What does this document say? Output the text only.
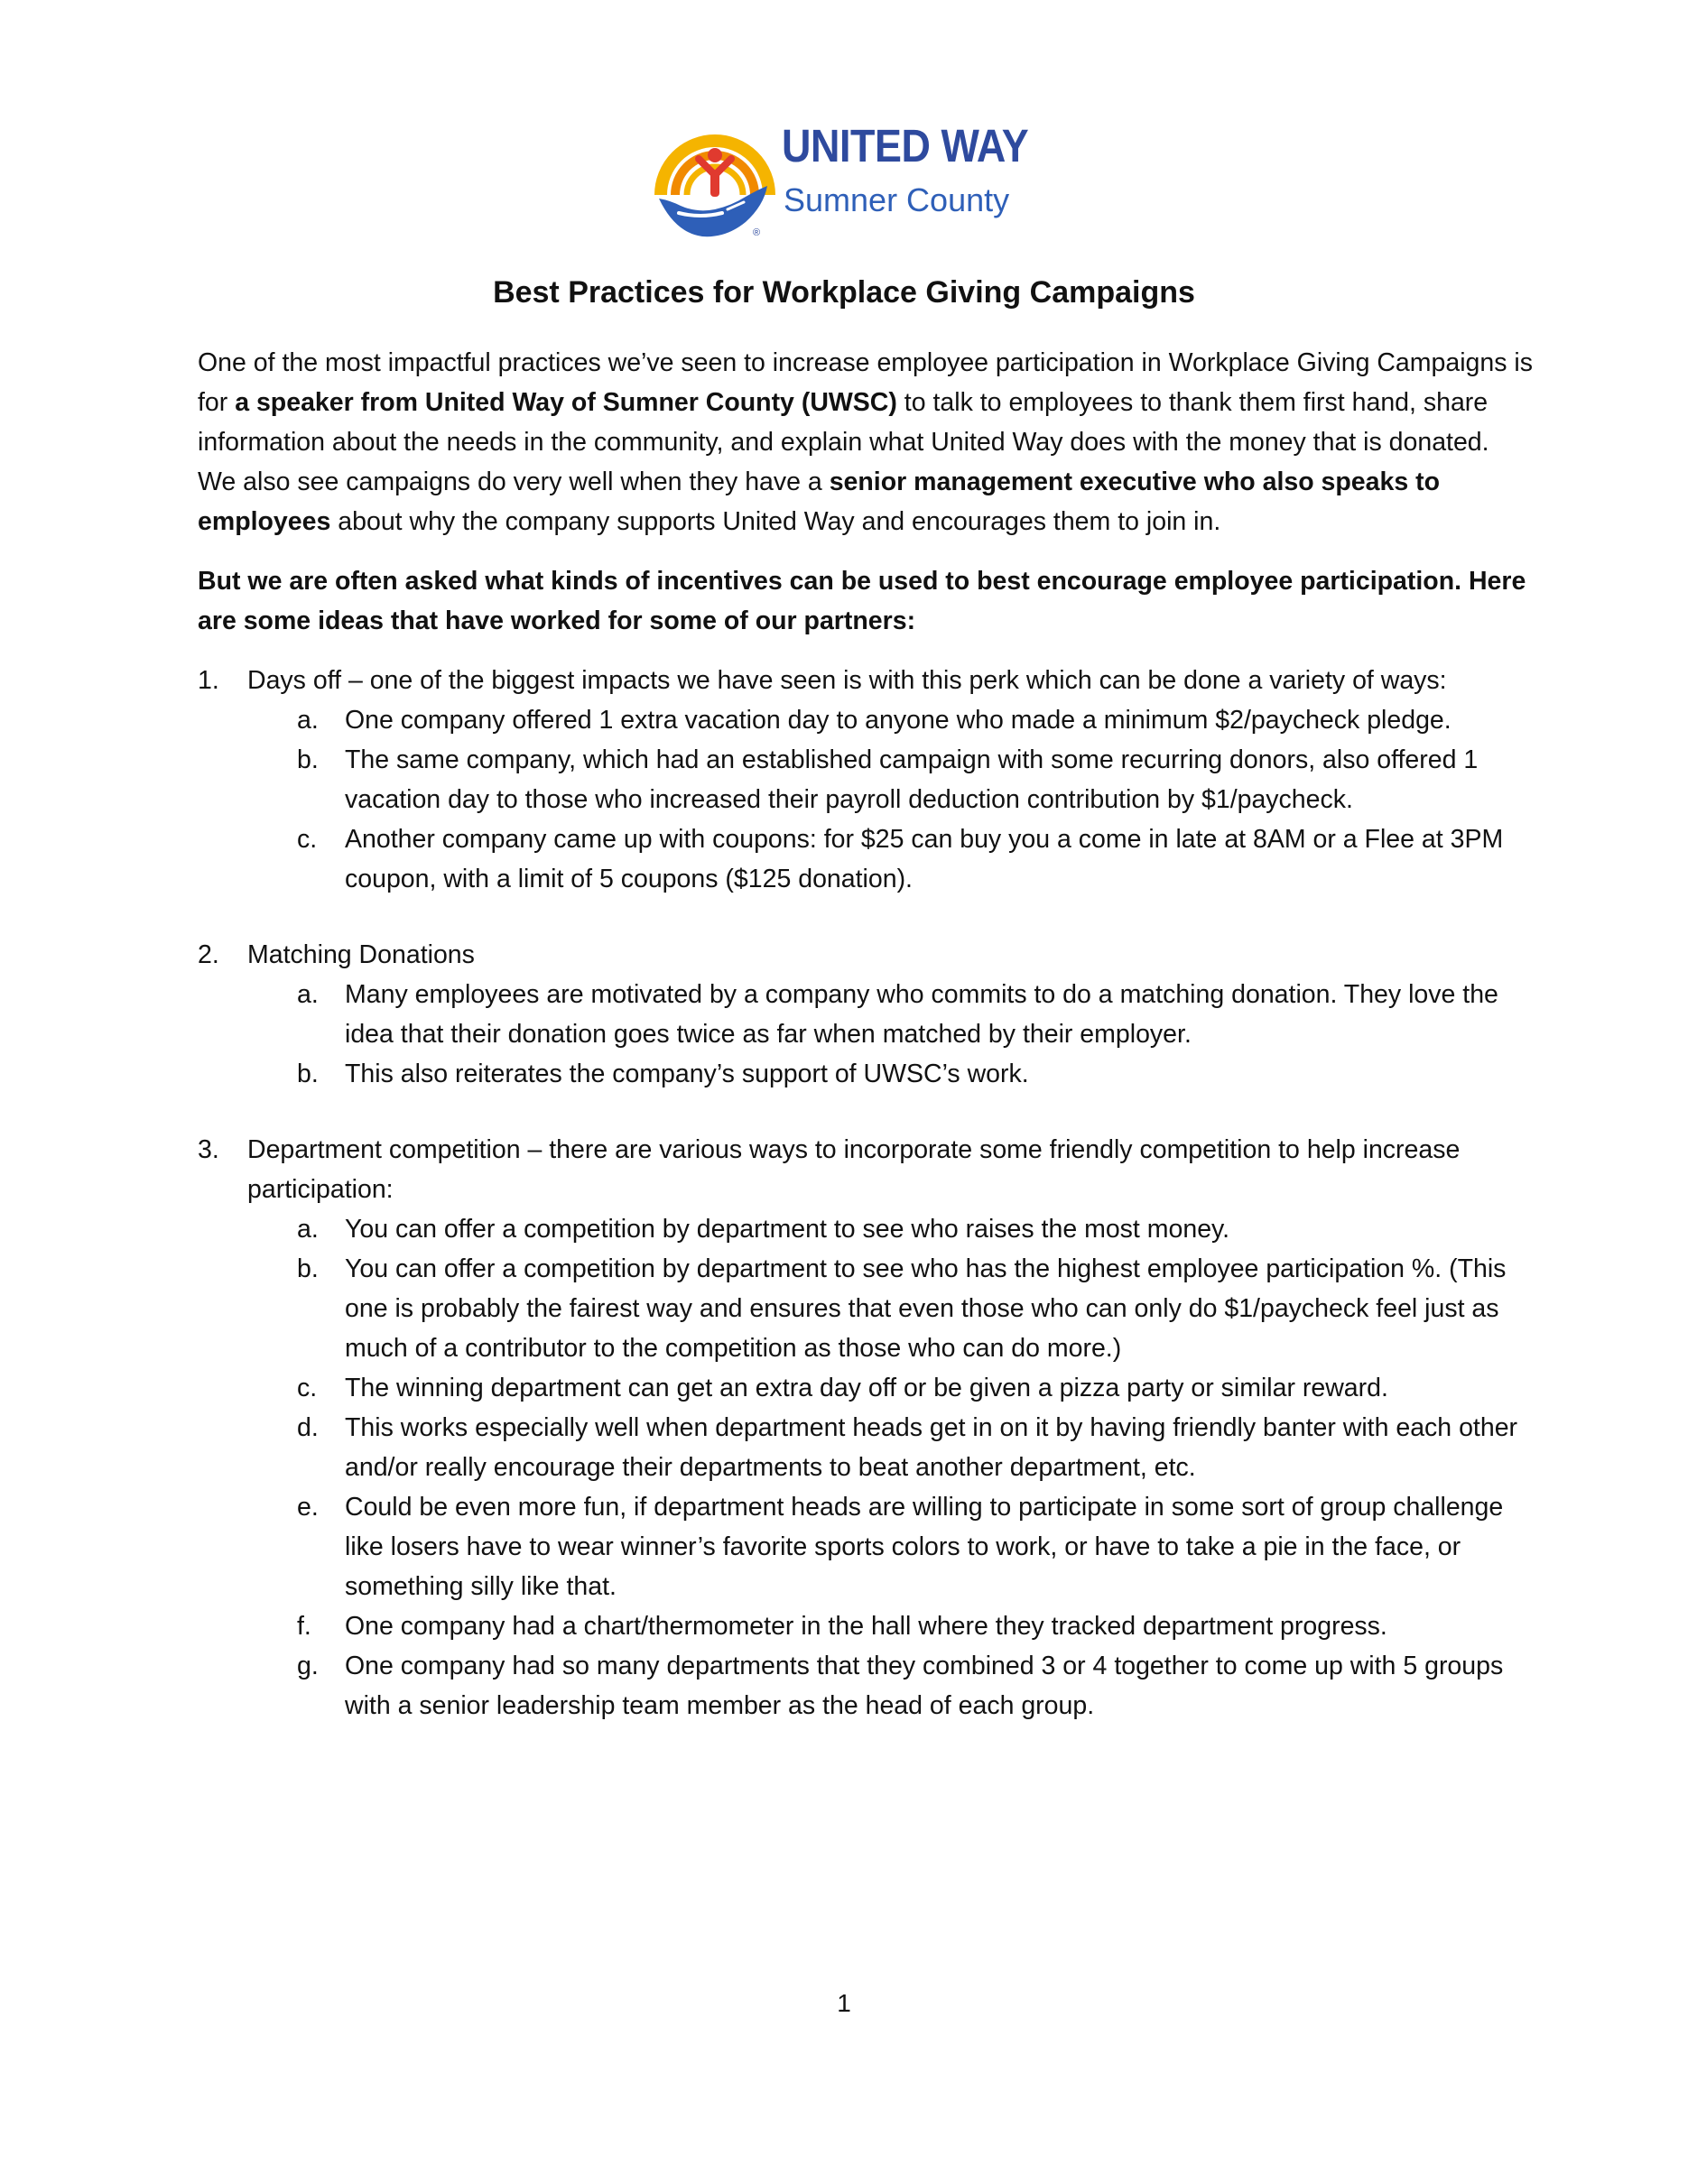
®
UNITED WAY
Sumner County
Best Practices for Workplace Giving Campaigns

One of the most impactful practices we’ve seen to increase employee participation in Workplace Giving Campaigns is for a speaker from United Way of Sumner County (UWSC) to talk to employees to thank them first hand, share information about the needs in the community, and explain what United Way does with the money that is donated. We also see campaigns do very well when they have a senior management executive who also speaks to employees about why the company supports United Way and encourages them to join in.

But we are often asked what kinds of incentives can be used to best encourage employee participation. Here are some ideas that have worked for some of our partners:

1. Days off – one of the biggest impacts we have seen is with this perk which can be done a variety of ways:
a. One company offered 1 extra vacation day to anyone who made a minimum $2/paycheck pledge.
b. The same company, which had an established campaign with some recurring donors, also offered 1 vacation day to those who increased their payroll deduction contribution by $1/paycheck.
c. Another company came up with coupons: for $25 can buy you a come in late at 8AM or a Flee at 3PM coupon, with a limit of 5 coupons ($125 donation).
2. Matching Donations
a. Many employees are motivated by a company who commits to do a matching donation. They love the idea that their donation goes twice as far when matched by their employer.
b. This also reiterates the company’s support of UWSC’s work.
3. Department competition – there are various ways to incorporate some friendly competition to help increase participation:
a. You can offer a competition by department to see who raises the most money.
b. You can offer a competition by department to see who has the highest employee participation %. (This one is probably the fairest way and ensures that even those who can only do $1/paycheck feel just as much of a contributor to the competition as those who can do more.)
c. The winning department can get an extra day off or be given a pizza party or similar reward.
d. This works especially well when department heads get in on it by having friendly banter with each other and/or really encourage their departments to beat another department, etc.
e. Could be even more fun, if department heads are willing to participate in some sort of group challenge like losers have to wear winner’s favorite sports colors to work, or have to take a pie in the face, or something silly like that.
f. One company had a chart/thermometer in the hall where they tracked department progress.
g. One company had so many departments that they combined 3 or 4 together to come up with 5 groups with a senior leadership team member as the head of each group.
1
